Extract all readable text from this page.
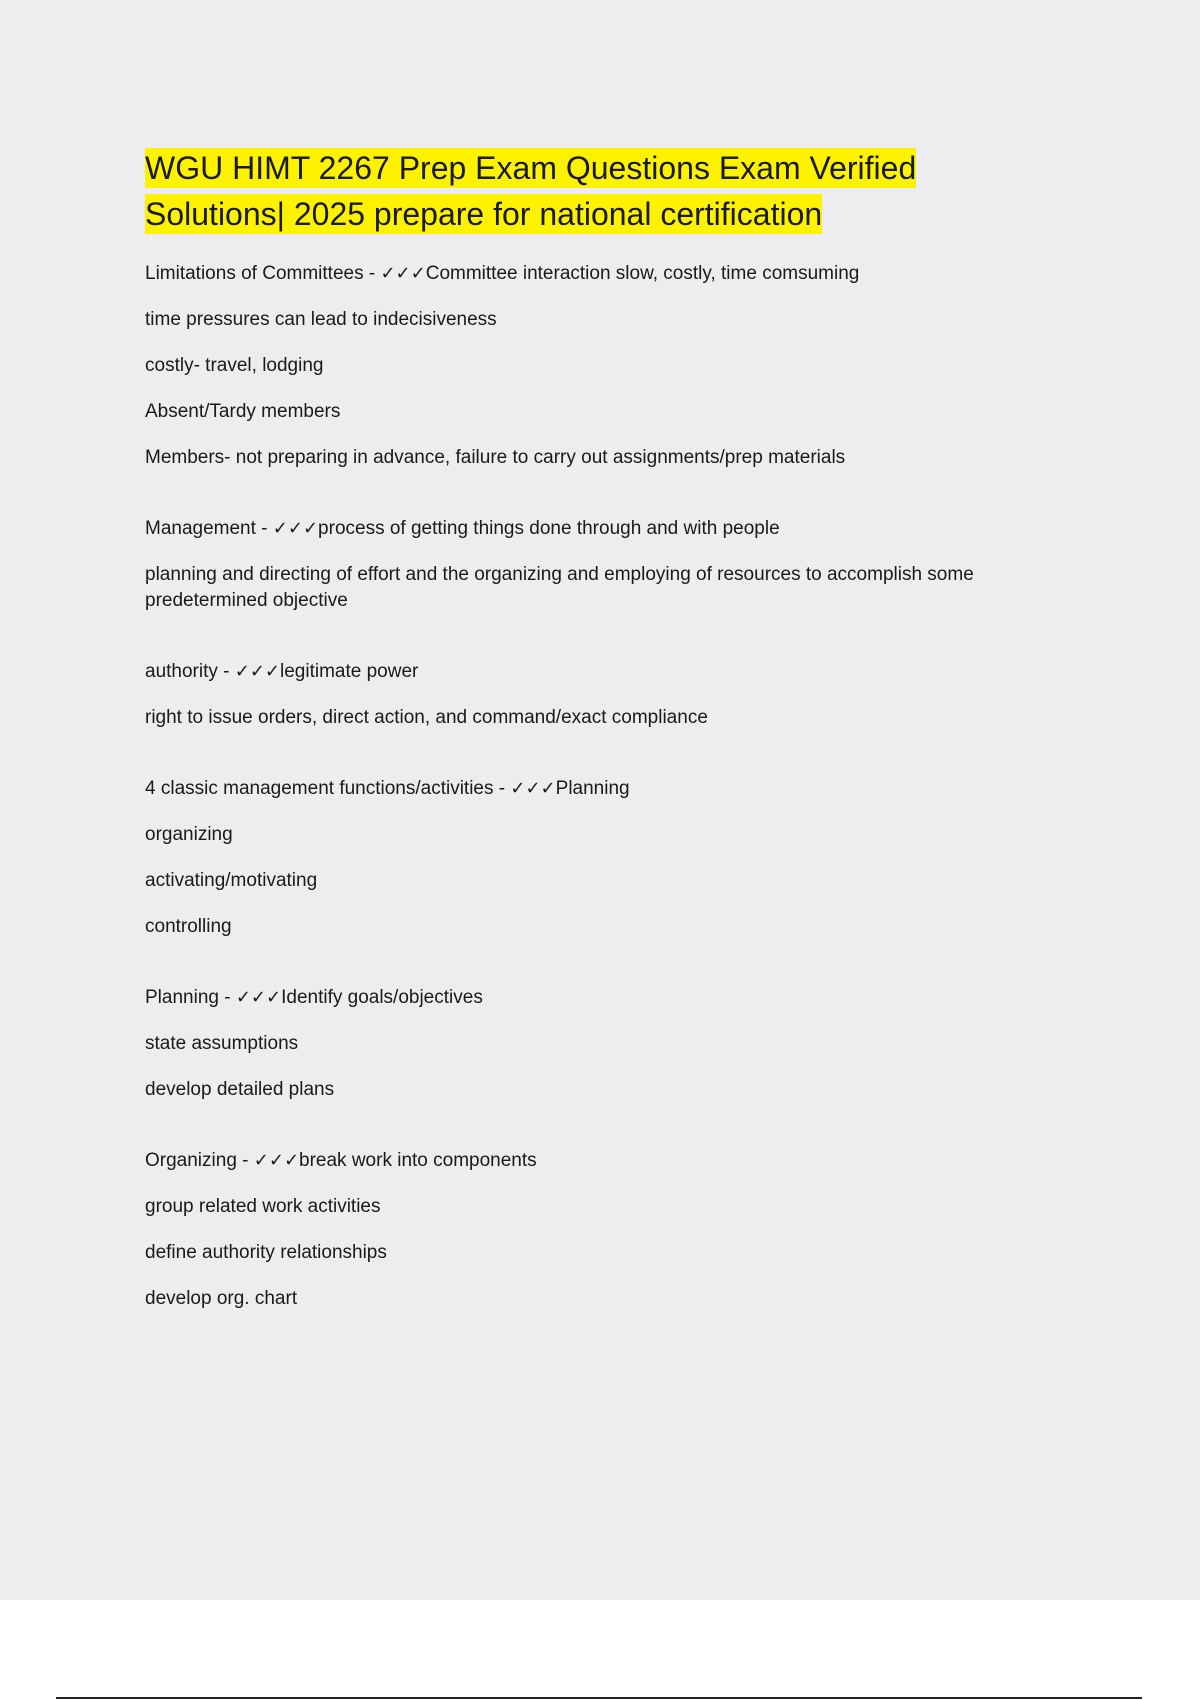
WGU HIMT 2267 Prep Exam Questions Exam Verified
Solutions| 2025 prepare for national certification

Limitations of Committees - ✓✓✓Committee interaction slow, costly, time comsuming

time pressures can lead to indecisiveness

costly- travel, lodging

Absent/Tardy members

Members- not preparing in advance, failure to carry out assignments/prep materials

Management - ✓✓✓process of getting things done through and with people

planning and directing of effort and the organizing and employing of resources to accomplish some predetermined objective

authority - ✓✓✓legitimate power

right to issue orders, direct action, and command/exact compliance

4 classic management functions/activities - ✓✓✓Planning

organizing

activating/motivating

controlling

Planning - ✓✓✓Identify goals/objectives

state assumptions

develop detailed plans

Organizing - ✓✓✓break work into components

group related work activities

define authority relationships

develop org. chart
